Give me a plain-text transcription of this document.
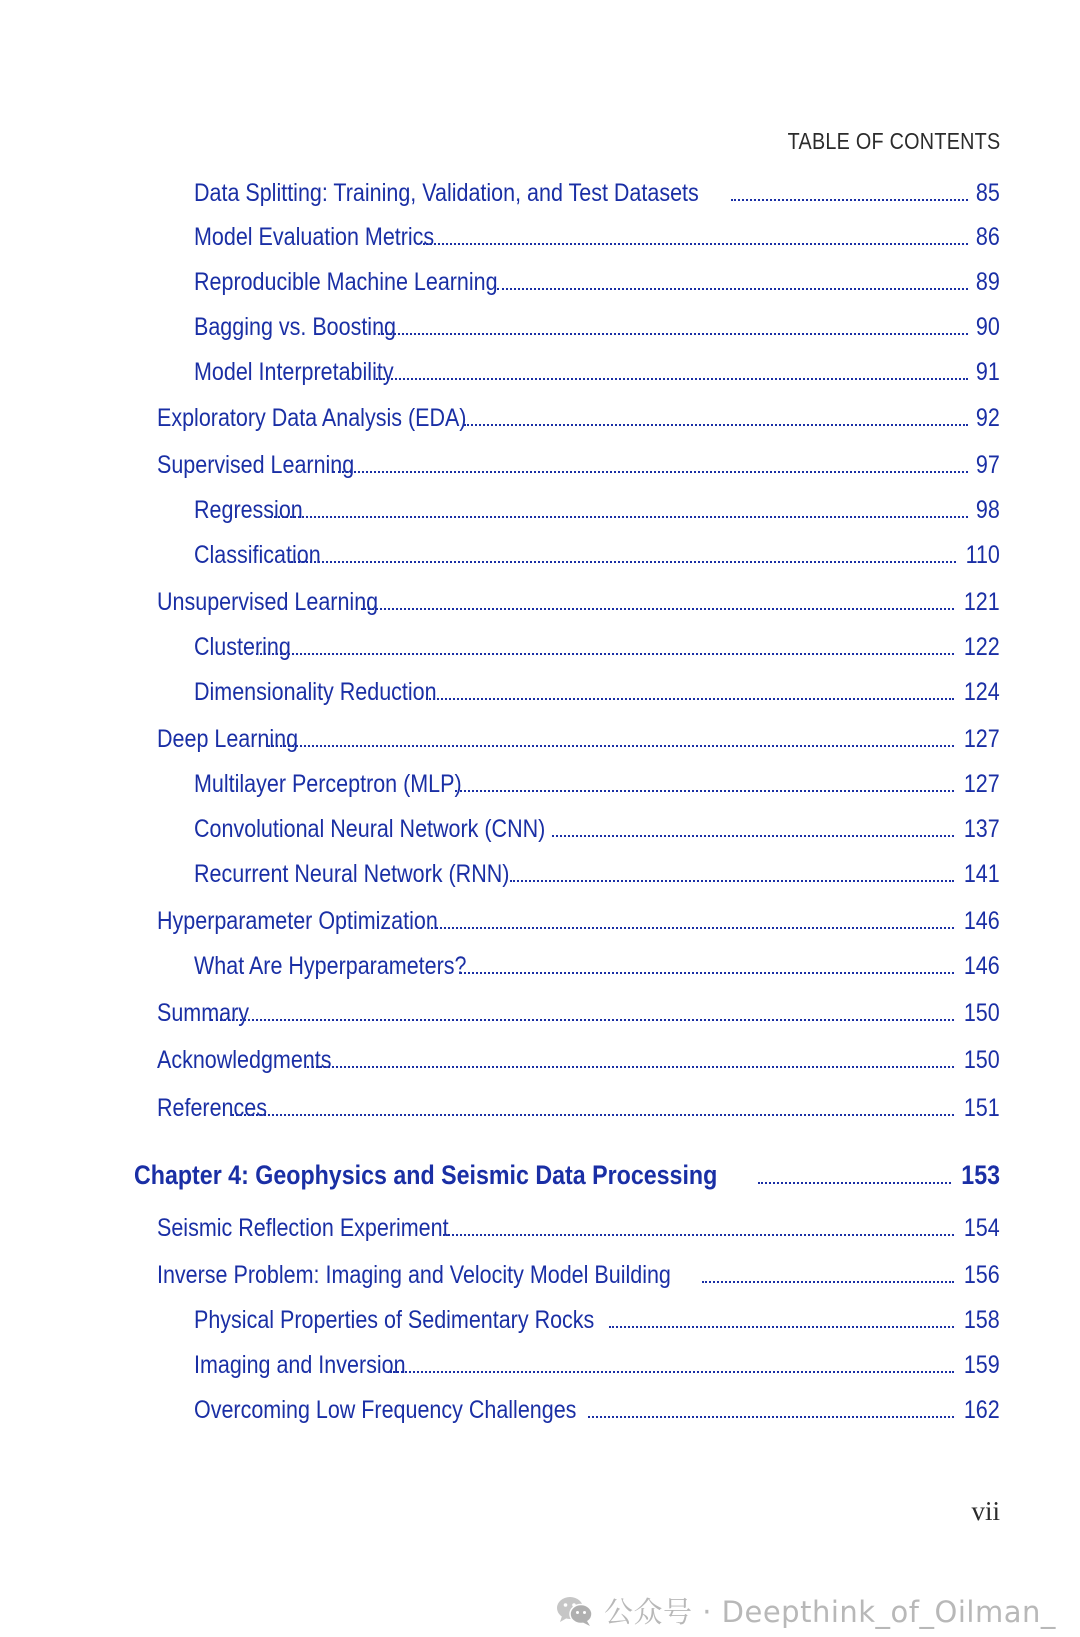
TABLE OF CONTENTS
Data Splitting: Training, Validation, and Test Datasets	85
Model Evaluation Metrics	86
Reproducible Machine Learning	89
Bagging vs. Boosting	90
Model Interpretability	91
Exploratory Data Analysis (EDA)	92
Supervised Learning	97
Regression	98
Classification	110
Unsupervised Learning	121
Clustering	122
Dimensionality Reduction	124
Deep Learning	127
Multilayer Perceptron (MLP)	127
Convolutional Neural Network (CNN)	137
Recurrent Neural Network (RNN)	141
Hyperparameter Optimization	146
What Are Hyperparameters?	146
Summary	150
Acknowledgments	150
References	151
Chapter 4: Geophysics and Seismic Data Processing	153
Seismic Reflection Experiment	154
Inverse Problem: Imaging and Velocity Model Building	156
Physical Properties of Sedimentary Rocks	158
Imaging and Inversion	159
Overcoming Low Frequency Challenges	162
vii
公众号 · Deepthink_of_Oilman_
